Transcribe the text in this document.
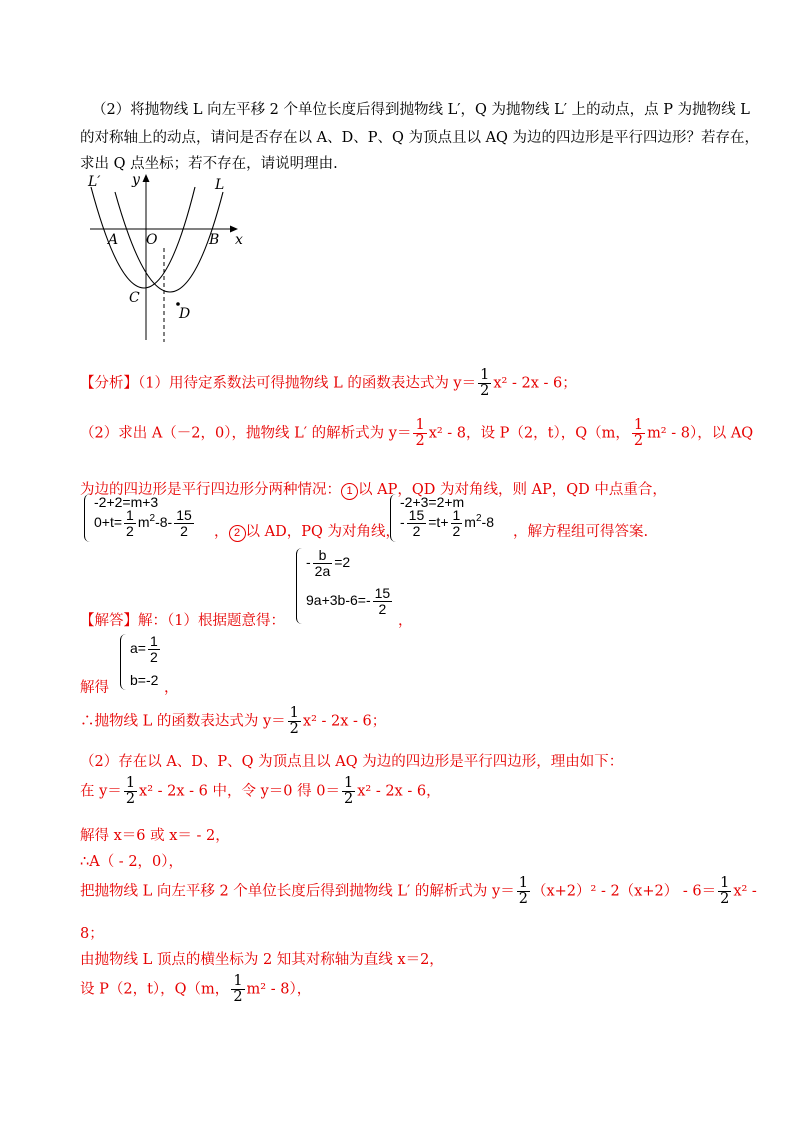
（2）将抛物线 L 向左平移 2 个单位长度后得到抛物线 L′，Q 为抛物线 L′ 上的动点，点 P 为抛物线 L
的对称轴上的动点，请问是否存在以 A、D、P、Q 为顶点且以 AQ 为边的四边形是平行四边形？若存在，
求出 Q 点坐标；若不存在，请说明理由.
L′ y	L
A O	B x
C
D
【分析】（1）用待定系数法可得抛物线 L 的函数表达式为 $y= \frac{1}{2} x^2 - 2x - 6$；
（2）求出 A（－2，0），抛物线 L′ 的解析式为 $y= \frac{1}{2} x^2 - 8$，设 P（2，t），Q（m， $\frac{1}{2} m^2 - 8$），以 AQ
为边的四边形是平行四边形分两种情况： 1 以 AP，QD 为对角线，则 AP，QD 中点重合，
-2+2=m+3
$0+t= \frac{1}{2} m^2-8- \frac{15}{2}$ ， 2 以 AD，PQ 为对角线，
-2+3=2+m
- $\frac{15}{2} =t+ \frac{1}{2} m^2-8$
，解方程组可得答案.
- $\frac{b}{2a} =2$
$9a+3b-6=- \frac{15}{2}$
【解答】解：（1）根据题意得：	，
$a= \frac{1}{2}$
b=-2
解得	，
∴抛物线 L 的函数表达式为 $y= \frac{1}{2} x^2 - 2x - 6$；
（2）存在以 A、D、P、Q 为顶点且以 AQ 为边的四边形是平行四边形，理由如下：
在 $y= \frac{1}{2} x^2 - 2x - 6$ 中，令 y＝0 得 $0= \frac{1}{2} x^2 - 2x - 6$，
解得 x＝6 或 x＝ - 2，
∴A（ - 2，0），
把抛物线 L 向左平移 2 个单位长度后得到抛物线 L′ 的解析式为 $y= \frac{1}{2} (x+2)^2 - 2(x+2) - 6= \frac{1}{2} x^2$ -
8；
由抛物线 L 顶点的横坐标为 2 知其对称轴为直线 x＝2，
设 P（2，t），Q（m， $\frac{1}{2} m^2 - 8$），
